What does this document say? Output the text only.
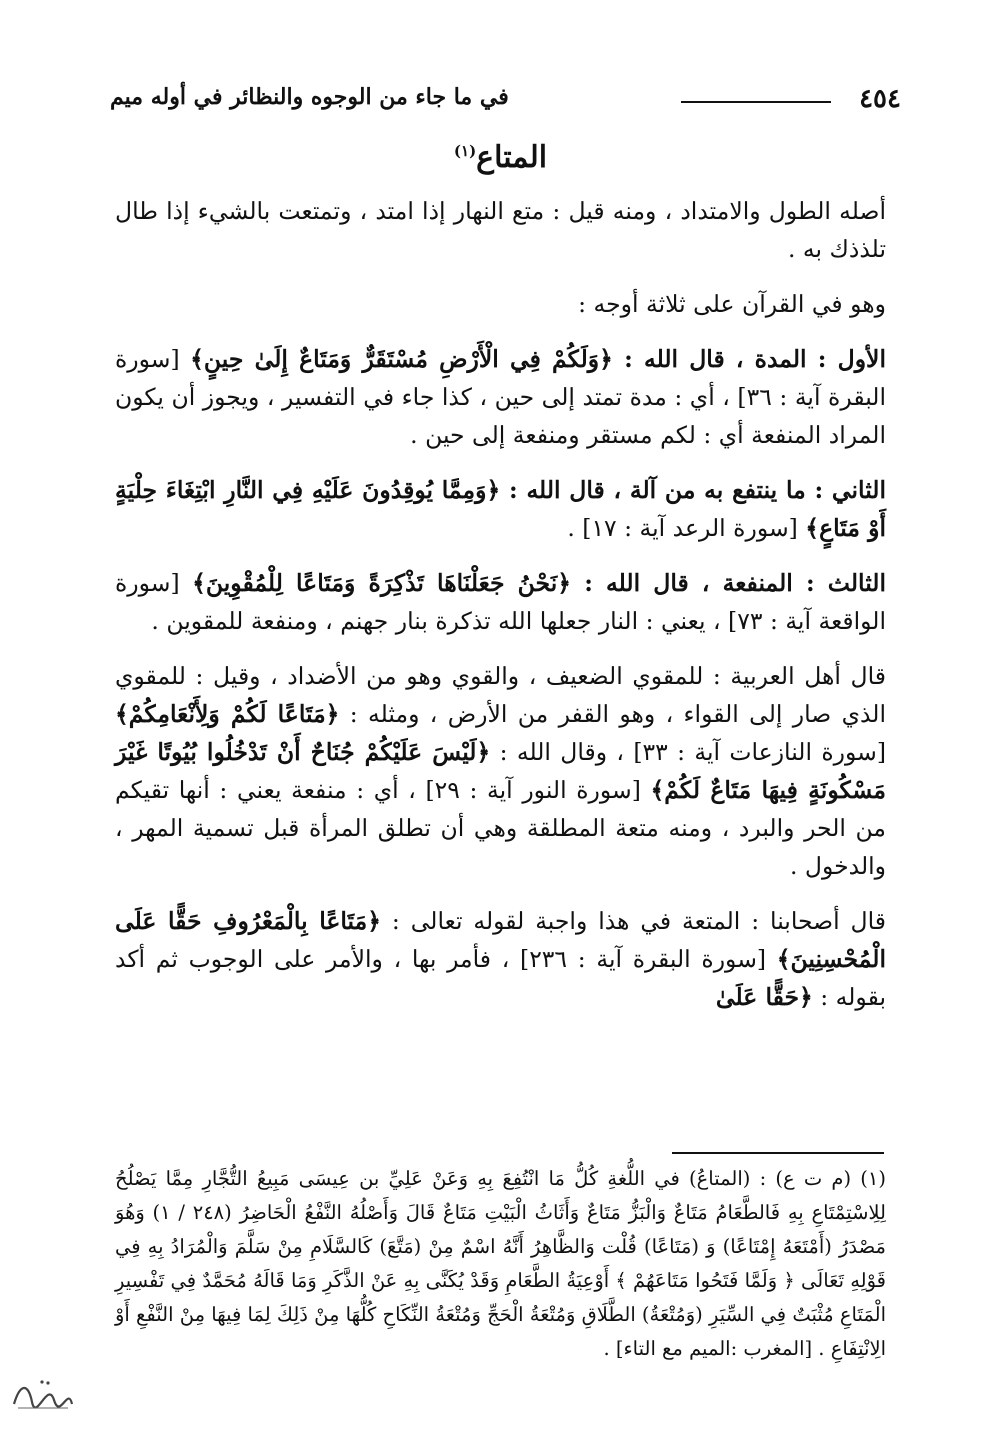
٤٥٤
في ما جاء من الوجوه والنظائر في أوله ميم
المتاع$^{(١)}$

أصله الطول والامتداد ، ومنه قيل : متع النهار إذا امتد ، وتمتعت بالشيء إذا طال تلذذك به .

وهو في القرآن على ثلاثة أوجه :

الأول : المدة ، قال الله : ﴿وَلَكُمْ فِي الْأَرْضِ مُسْتَقَرٌّ وَمَتَاعٌ إِلَىٰ حِينٍ﴾ [سورة البقرة آية : ٣٦] ، أي : مدة تمتد إلى حين ، كذا جاء في التفسير ، ويجوز أن يكون المراد المنفعة أي : لكم مستقر ومنفعة إلى حين .

الثاني : ما ينتفع به من آلة ، قال الله : ﴿وَمِمَّا يُوقِدُونَ عَلَيْهِ فِي النَّارِ ابْتِغَاءَ حِلْيَةٍ أَوْ مَتَاعٍ﴾ [سورة الرعد آية : ١٧] .

الثالث : المنفعة ، قال الله : ﴿نَحْنُ جَعَلْنَاهَا تَذْكِرَةً وَمَتَاعًا لِلْمُقْوِينَ﴾ [سورة الواقعة آية : ٧٣] ، يعني : النار جعلها الله تذكرة بنار جهنم ، ومنفعة للمقوين .

قال أهل العربية : للمقوي الضعيف ، والقوي وهو من الأضداد ، وقيل : للمقوي الذي صار إلى القواء ، وهو القفر من الأرض ، ومثله : ﴿مَتَاعًا لَكُمْ وَلِأَنْعَامِكُمْ﴾ [سورة النازعات آية : ٣٣] ، وقال الله : ﴿لَيْسَ عَلَيْكُمْ جُنَاحٌ أَنْ تَدْخُلُوا بُيُوتًا غَيْرَ مَسْكُونَةٍ فِيهَا مَتَاعٌ لَكُمْ﴾ [سورة النور آية : ٢٩] ، أي : منفعة يعني : أنها تقيكم من الحر والبرد ، ومنه متعة المطلقة وهي أن تطلق المرأة قبل تسمية المهر ، والدخول .

قال أصحابنا : المتعة في هذا واجبة لقوله تعالى : ﴿مَتَاعًا بِالْمَعْرُوفِ حَقًّا عَلَى الْمُحْسِنِينَ﴾ [سورة البقرة آية : ٢٣٦] ، فأمر بها ، والأمر على الوجوب ثم أكد بقوله : ﴿حَقًّا عَلَىٰ

(١) (م ت ع) : (المتاعُ) في اللُّغةِ كُلُّ مَا انْتُفِعَ بِهِ وَعَنْ عَلِيِّ بن عِيسَى مَبِيعُ التُّجَّارِ مِمَّا يَصْلُحُ لِلِاسْتِمْتَاعِ بِهِ فَالطَّعَامُ مَتَاعٌ وَالْبَزُّ مَتَاعٌ وَأَثَاثُ الْبَيْتِ مَتَاعٌ قَالَ وَأَصْلُهُ النَّفْعُ الْحَاضِرُ (٢٤٨ / ١) وَهُوَ مَصْدَرُ (أَمْتَعَهُ إِمْتَاعًا) وَ (مَتَاعًا) قُلْت وَالظَّاهِرُ أَنَّهُ اسْمٌ مِنْ (مَتَّعَ) كَالسَّلَامِ مِنْ سَلَّمَ وَالْمُرَادُ بِهِ فِي قَوْلِهِ تَعَالَى ﴿ وَلَمَّا فَتَحُوا مَتَاعَهُمْ ﴾ أَوْعِيَةُ الطَّعَامِ وَقَدْ يُكَنَّى بِهِ عَنْ الذَّكَرِ وَمَا قَالَهُ مُحَمَّدٌ فِي تَفْسِيرِ الْمَتَاعِ مُثْبَتٌ فِي السِّيَرِ (وَمُتْعَةُ) الطَّلَاقِ وَمُتْعَةُ الْحَجِّ وَمُتْعَةُ النِّكَاحِ كُلُّهَا مِنْ ذَلِكَ لِمَا فِيهَا مِنْ النَّفْعِ أَوْ الِانْتِفَاعِ . [المغرب :الميم مع التاء] .
